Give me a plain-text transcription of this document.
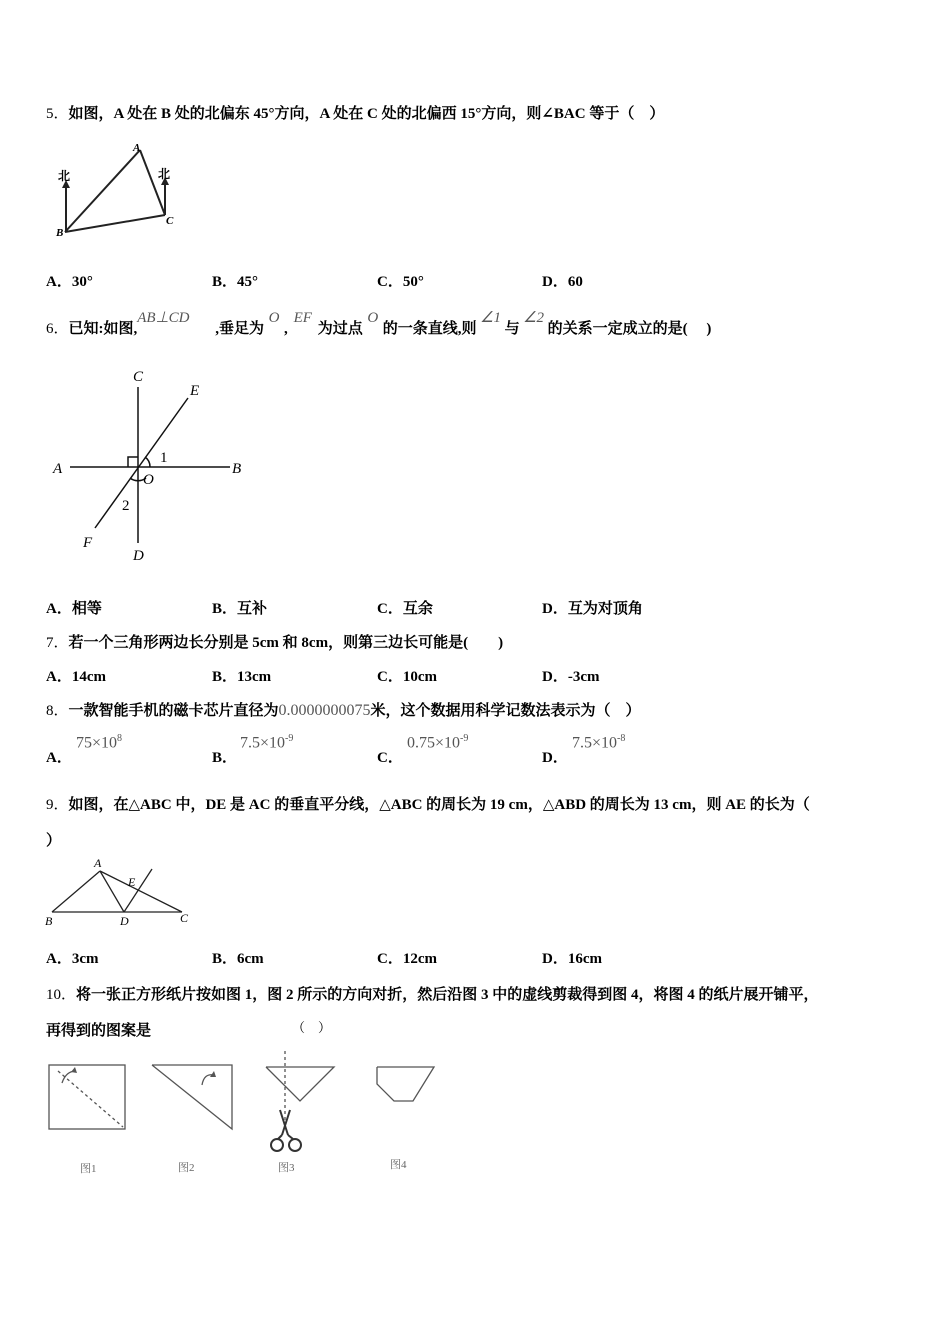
5．如图，A 处在 B 处的北偏东 45°方向，A 处在 C 处的北偏西 15°方向，则∠BAC 等于（　）
北	北
A
B
C
A．30°	B．45°	C．50°	D．60
6．已知:如图,AB⊥CD,垂足为O,EF为过点O的一条直线,则∠1与∠2的关系一定成立的是(　 )
C
E
A	B
O
1
2
F
D
A．相等	B．互补	C．互余	D．互为对顶角
7．若一个三角形两边长分别是 5cm 和 8cm，则第三边长可能是(　　)
A．14cm	B．13cm	C．10cm	D．-3cm
8．一款智能手机的磁卡芯片直径为0.0000000075米，这个数据用科学记数法表示为（　）
A．
$75\times 10^8$
B．
$7.5\times 10^{-9}$
C．
$0.75\times 10^{-9}$
D．
$7.5\times 10^{-8}$
9．如图，在△ABC 中，DE 是 AC 的垂直平分线，△ABC 的周长为 19 cm，△ABD 的周长为 13 cm，则 AE 的长为（
）
A
E
B	D	C
A．3cm	B．6cm	C．12cm	D．16cm
10．将一张正方形纸片按如图 1，图 2 所示的方向对折，然后沿图 3 中的虚线剪裁得到图 4，将图 4 的纸片展开铺平，
再得到的图案是	（　）
图1	图2	图3	图4
